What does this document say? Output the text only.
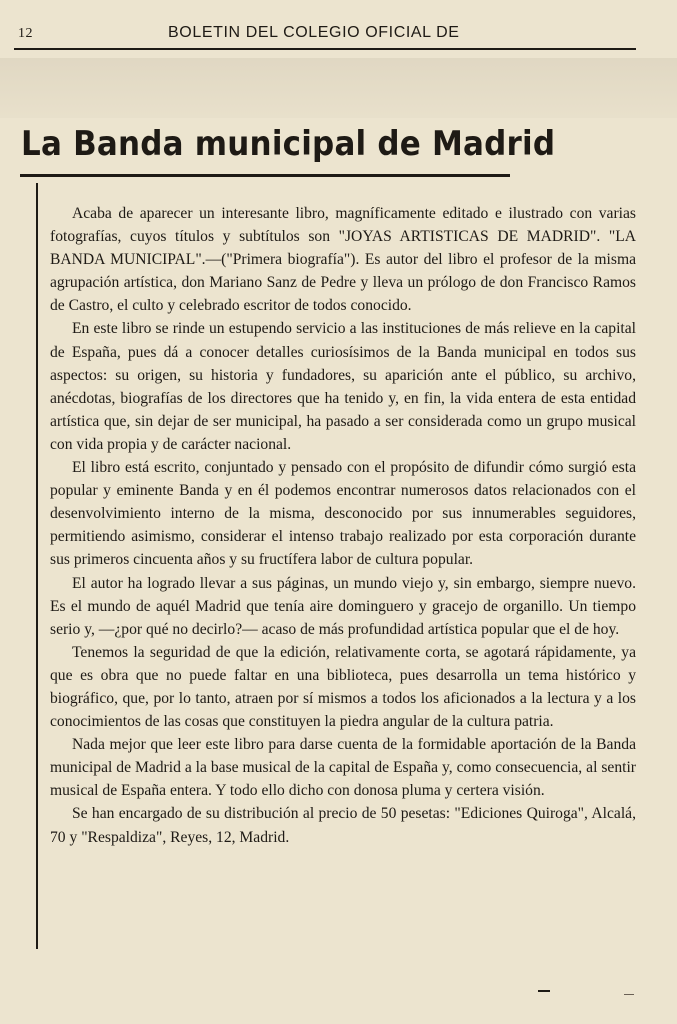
12	BOLETIN DEL COLEGIO OFICIAL DE
La Banda municipal de Madrid

Acaba de aparecer un interesante libro, magníficamente editado e ilustrado con varias fotografías, cuyos títulos y subtítulos son "JOYAS ARTISTICAS DE MADRID". "LA BANDA MUNICIPAL".—("Primera biografía"). Es autor del libro el profesor de la misma agrupación artística, don Mariano Sanz de Pedre y lleva un prólogo de don Francisco Ramos de Castro, el culto y celebrado escritor de todos conocido.

En este libro se rinde un estupendo servicio a las instituciones de más relieve en la capital de España, pues dá a conocer detalles curiosísimos de la Banda municipal en todos sus aspectos: su origen, su historia y fundadores, su aparición ante el público, su archivo, anécdotas, biografías de los directores que ha tenido y, en fin, la vida entera de esta entidad artística que, sin dejar de ser municipal, ha pasado a ser considerada como un grupo musical con vida propia y de carácter nacional.

El libro está escrito, conjuntado y pensado con el propósito de difundir cómo surgió esta popular y eminente Banda y en él podemos encontrar numerosos datos relacionados con el desenvolvimiento interno de la misma, desconocido por sus innumerables seguidores, permitiendo asimismo, considerar el intenso trabajo realizado por esta corporación durante sus primeros cincuenta años y su fructífera labor de cultura popular.

El autor ha logrado llevar a sus páginas, un mundo viejo y, sin embargo, siempre nuevo. Es el mundo de aquél Madrid que tenía aire dominguero y gracejo de organillo. Un tiempo serio y, —¿por qué no decirlo?— acaso de más profundidad artística popular que el de hoy.

Tenemos la seguridad de que la edición, relativamente corta, se agotará rápidamente, ya que es obra que no puede faltar en una biblioteca, pues desarrolla un tema histórico y biográfico, que, por lo tanto, atraen por sí mismos a todos los aficionados a la lectura y a los conocimientos de las cosas que constituyen la piedra angular de la cultura patria.

Nada mejor que leer este libro para darse cuenta de la formidable aportación de la Banda municipal de Madrid a la base musical de la capital de España y, como consecuencia, al sentir musical de España entera. Y todo ello dicho con donosa pluma y certera visión.

Se han encargado de su distribución al precio de 50 pesetas: "Ediciones Quiroga", Alcalá, 70 y "Respaldiza", Reyes, 12, Madrid.
